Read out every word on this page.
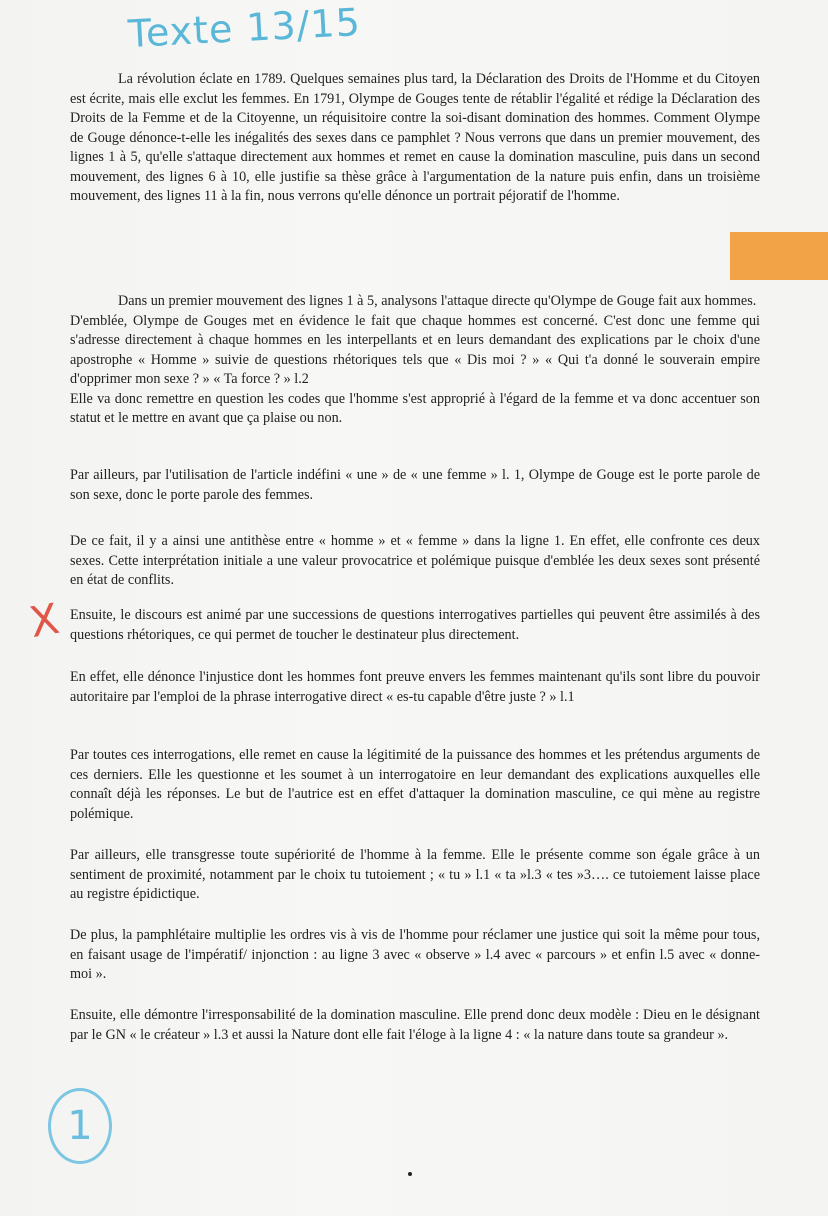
Texte 13/15

La révolution éclate en 1789. Quelques semaines plus tard, la Déclaration des Droits de l'Homme et du Citoyen est écrite, mais elle exclut les femmes. En 1791, Olympe de Gouges tente de rétablir l'égalité et rédige la Déclaration des Droits de la Femme et de la Citoyenne, un réquisitoire contre la soi-disant domination des hommes. Comment Olympe de Gouge dénonce-t-elle les inégalités des sexes dans ce pamphlet ? Nous verrons que dans un premier mouvement, des lignes 1 à 5, qu'elle s'attaque directement aux hommes et remet en cause la domination masculine, puis dans un second mouvement, des lignes 6 à 10, elle justifie sa thèse grâce à l'argumentation de la nature puis enfin, dans un troisième mouvement, des lignes 11 à la fin, nous verrons qu'elle dénonce un portrait péjoratif de l'homme.

Dans un premier mouvement des lignes 1 à 5, analysons l'attaque directe qu'Olympe de Gouge fait aux hommes.

D'emblée, Olympe de Gouges met en évidence le fait que chaque hommes est concerné. C'est donc une femme qui s'adresse directement à chaque hommes en les interpellants et en leurs demandant des explications par le choix d'une apostrophe « Homme » suivie de questions rhétoriques tels que « Dis moi ? » « Qui t'a donné le souverain empire d'opprimer mon sexe ? » « Ta force ? » l.2

Elle va donc remettre en question les codes que l'homme s'est approprié à l'égard de la femme et va donc accentuer son statut et le mettre en avant que ça plaise ou non.

Par ailleurs, par l'utilisation de l'article indéfini « une » de « une femme » l. 1, Olympe de Gouge est le porte parole de son sexe, donc le porte parole des femmes.

De ce fait, il y a ainsi une antithèse entre « homme » et « femme » dans la ligne 1. En effet, elle confronte ces deux sexes. Cette interprétation initiale a une valeur provocatrice et polémique puisque d'emblée les deux sexes sont présenté en état de conflits.

X Ensuite, le discours est animé par une successions de questions interrogatives partielles qui peuvent être assimilés à des questions rhétoriques, ce qui permet de toucher le destinateur plus directement.

En effet, elle dénonce l'injustice dont les hommes font preuve envers les femmes maintenant qu'ils sont libre du pouvoir autoritaire par l'emploi de la phrase interrogative direct « es-tu capable d'être juste ? » l.1

Par toutes ces interrogations, elle remet en cause la légitimité de la puissance des hommes et les prétendus arguments de ces derniers. Elle les questionne et les soumet à un interrogatoire en leur demandant des explications auxquelles elle connaît déjà les réponses. Le but de l'autrice est en effet d'attaquer la domination masculine, ce qui mène au registre polémique.

Par ailleurs, elle transgresse toute supériorité de l'homme à la femme. Elle le présente comme son égale grâce à un sentiment de proximité, notamment par le choix tu tutoiement ; « tu » l.1 « ta »l.3 « tes »3…. ce tutoiement laisse place au registre épidictique.

De plus, la pamphlétaire multiplie les ordres vis à vis de l'homme pour réclamer une justice qui soit la même pour tous, en faisant usage de l'impératif/ injonction : au ligne 3 avec « observe » l.4 avec « parcours » et enfin l.5 avec « donne-moi ».

Ensuite, elle démontre l'irresponsabilité de la domination masculine. Elle prend donc deux modèle : Dieu en le désignant par le GN « le créateur » l.3 et aussi la Nature dont elle fait l'éloge à la ligne 4 : « la nature dans toute sa grandeur ».

1
